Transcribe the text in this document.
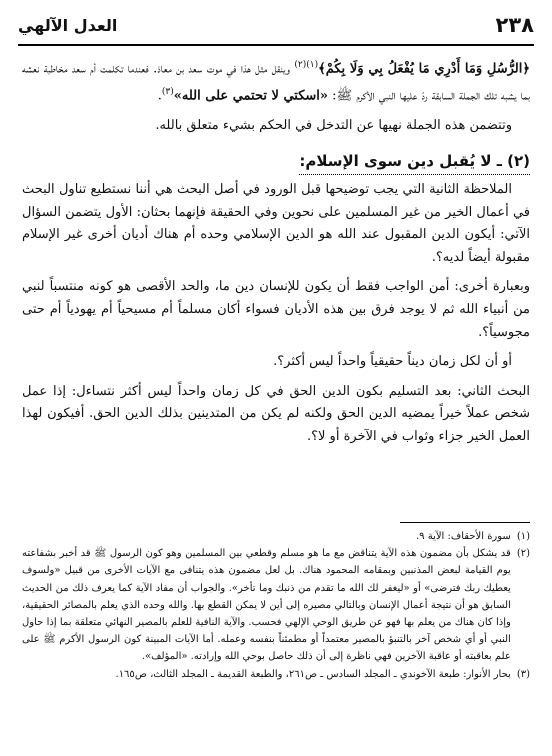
٢٣٨
العدل الآلهي

﴿الرُّسُلِ وَمَا أَدْرِي مَا يُفْعَلُ بِي وَلَا بِكُمْ﴾$^{(١)(٢)}$ وينقل مثل هذا في موت سعد بن معاذ. فعندما تكلمت أم سعد مخاطبة نعشه بما يشبه تلك الجملة السابقة ردّ عليها النبي الأكرم ﷺ: «اسكتي لا تحتمي على الله»$^{(٣)}$.

وتتضمن هذه الجملة نهيها عن التدخل في الحكم بشيء متعلق بالله.

(٢) ـ لا يُقبل دين سوى الإسلام:

الملاحظة الثانية التي يجب توضيحها قبل الورود في أصل البحث هي أننا نستطيع تناول البحث في أعمال الخير من غير المسلمين على نحوين وفي الحقيقة فإنهما بحثان: الأول يتضمن السؤال الآتي: أيكون الدين المقبول عند الله هو الدين الإسلامي وحده أم هناك أديان أخرى غير الإسلام مقبولة أيضاً لديه؟.

وبعبارة أخرى: أمن الواجب فقط أن يكون للإنسان دين ما، والحد الأقصى هو كونه منتسباً لنبي من أنبياء الله ثم لا يوجد فرق بين هذه الأديان فسواء أكان مسلماً أم مسيحياً أم يهودياً أم حتى مجوسياً؟.

أو أن لكل زمان ديناً حقيقياً واحداً ليس أكثر؟.

البحث الثاني: بعد التسليم بكون الدين الحق في كل زمان واحداً ليس أكثر نتساءل: إذا عمل شخص عملاً خيراً يمضيه الدين الحق ولكنه لم يكن من المتدينين بذلك الدين الحق. أفيكون لهذا العمل الخير جزاء وثواب في الآخرة أو لا؟.

(١)
سورة الأحقاف: الآية ٩.
(٢)
قد يشكل بأن مضمون هذه الآية يتناقض مع ما هو مسلم وقطعي بين المسلمين وهو كون الرسول ﷺ قد أخبر بشفاعته يوم القيامة لبعض المذنبين وبمقامه المحمود هناك. بل لعل مضمون هذه يتنافى مع الآيات الأخرى من قبيل «ولسوف يعطيك ربك فترضى» أو «ليغفر لك الله ما تقدم من ذنبك وما تأخر». والجواب أن مفاد الآية كما يعرف ذلك من الحديث السابق هو أن نتيجة أعمال الإنسان وبالتالي مصيره إلى أين لا يمكن القطع بها. والله وحده الذي يعلم بالمصائر الحقيقية، وإذا كان هناك من يعلم بها فهو عن طريق الوحي الإلهي فحسب. والآية النافية للعلم بالمصير النهائي متعلقة بما إذا حاول النبي أو أي شخص آخر بالتنبؤ بالمصير معتمداً أو مطمئناً بنفسه وعمله. أما الآيات المبينة كون الرسول الأكرم ﷺ على علم بعاقبته أو عاقبة الآخرين فهي ناظرة إلى أن ذلك حاصل بوحي الله وإرادته. «المؤلف».
(٣)
بحار الأنوار: طبعة الآخوندي ـ المجلد السادس ـ ص٢٦١، والطبعة القديمة ـ المجلد الثالث، ص١٦٥.
